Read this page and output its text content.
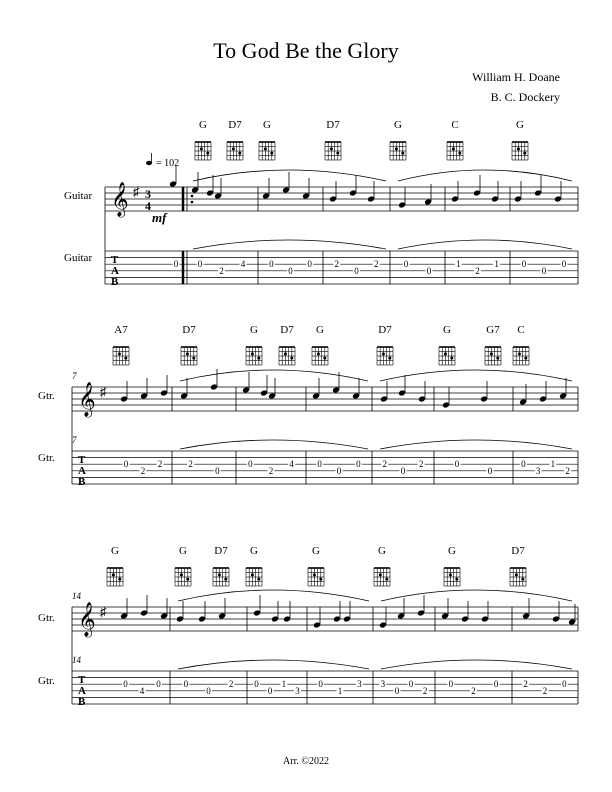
To God Be the Glory
William H. Doane
B. C. Dockery
Guitar
Guitar
Gtr.
Gtr.
Gtr.
Gtr.
G D7 G	D7	G	C	G
𝄞 ♯
T
A
B
3
4
mf
= 102
0 0
2
4	0
0
0	2
0
2	0
0
1
2
1	0
0
0
A7	D7	G D7 G	D7	G	G7 C
7
7
𝄞 ♯
T
A
B
0
2
2	2
0
0
2
4	0
0
0 2
0
2	0
0
0
3
1
2
G	G D7 G	G	G	G	D7
14
14
𝄞 ♯
T
A
B
0
4
0	0
0
2 0
0
1
3
0
1
3 3
0
0
2
0
2
0	2
2
0
Arr. ©2022
